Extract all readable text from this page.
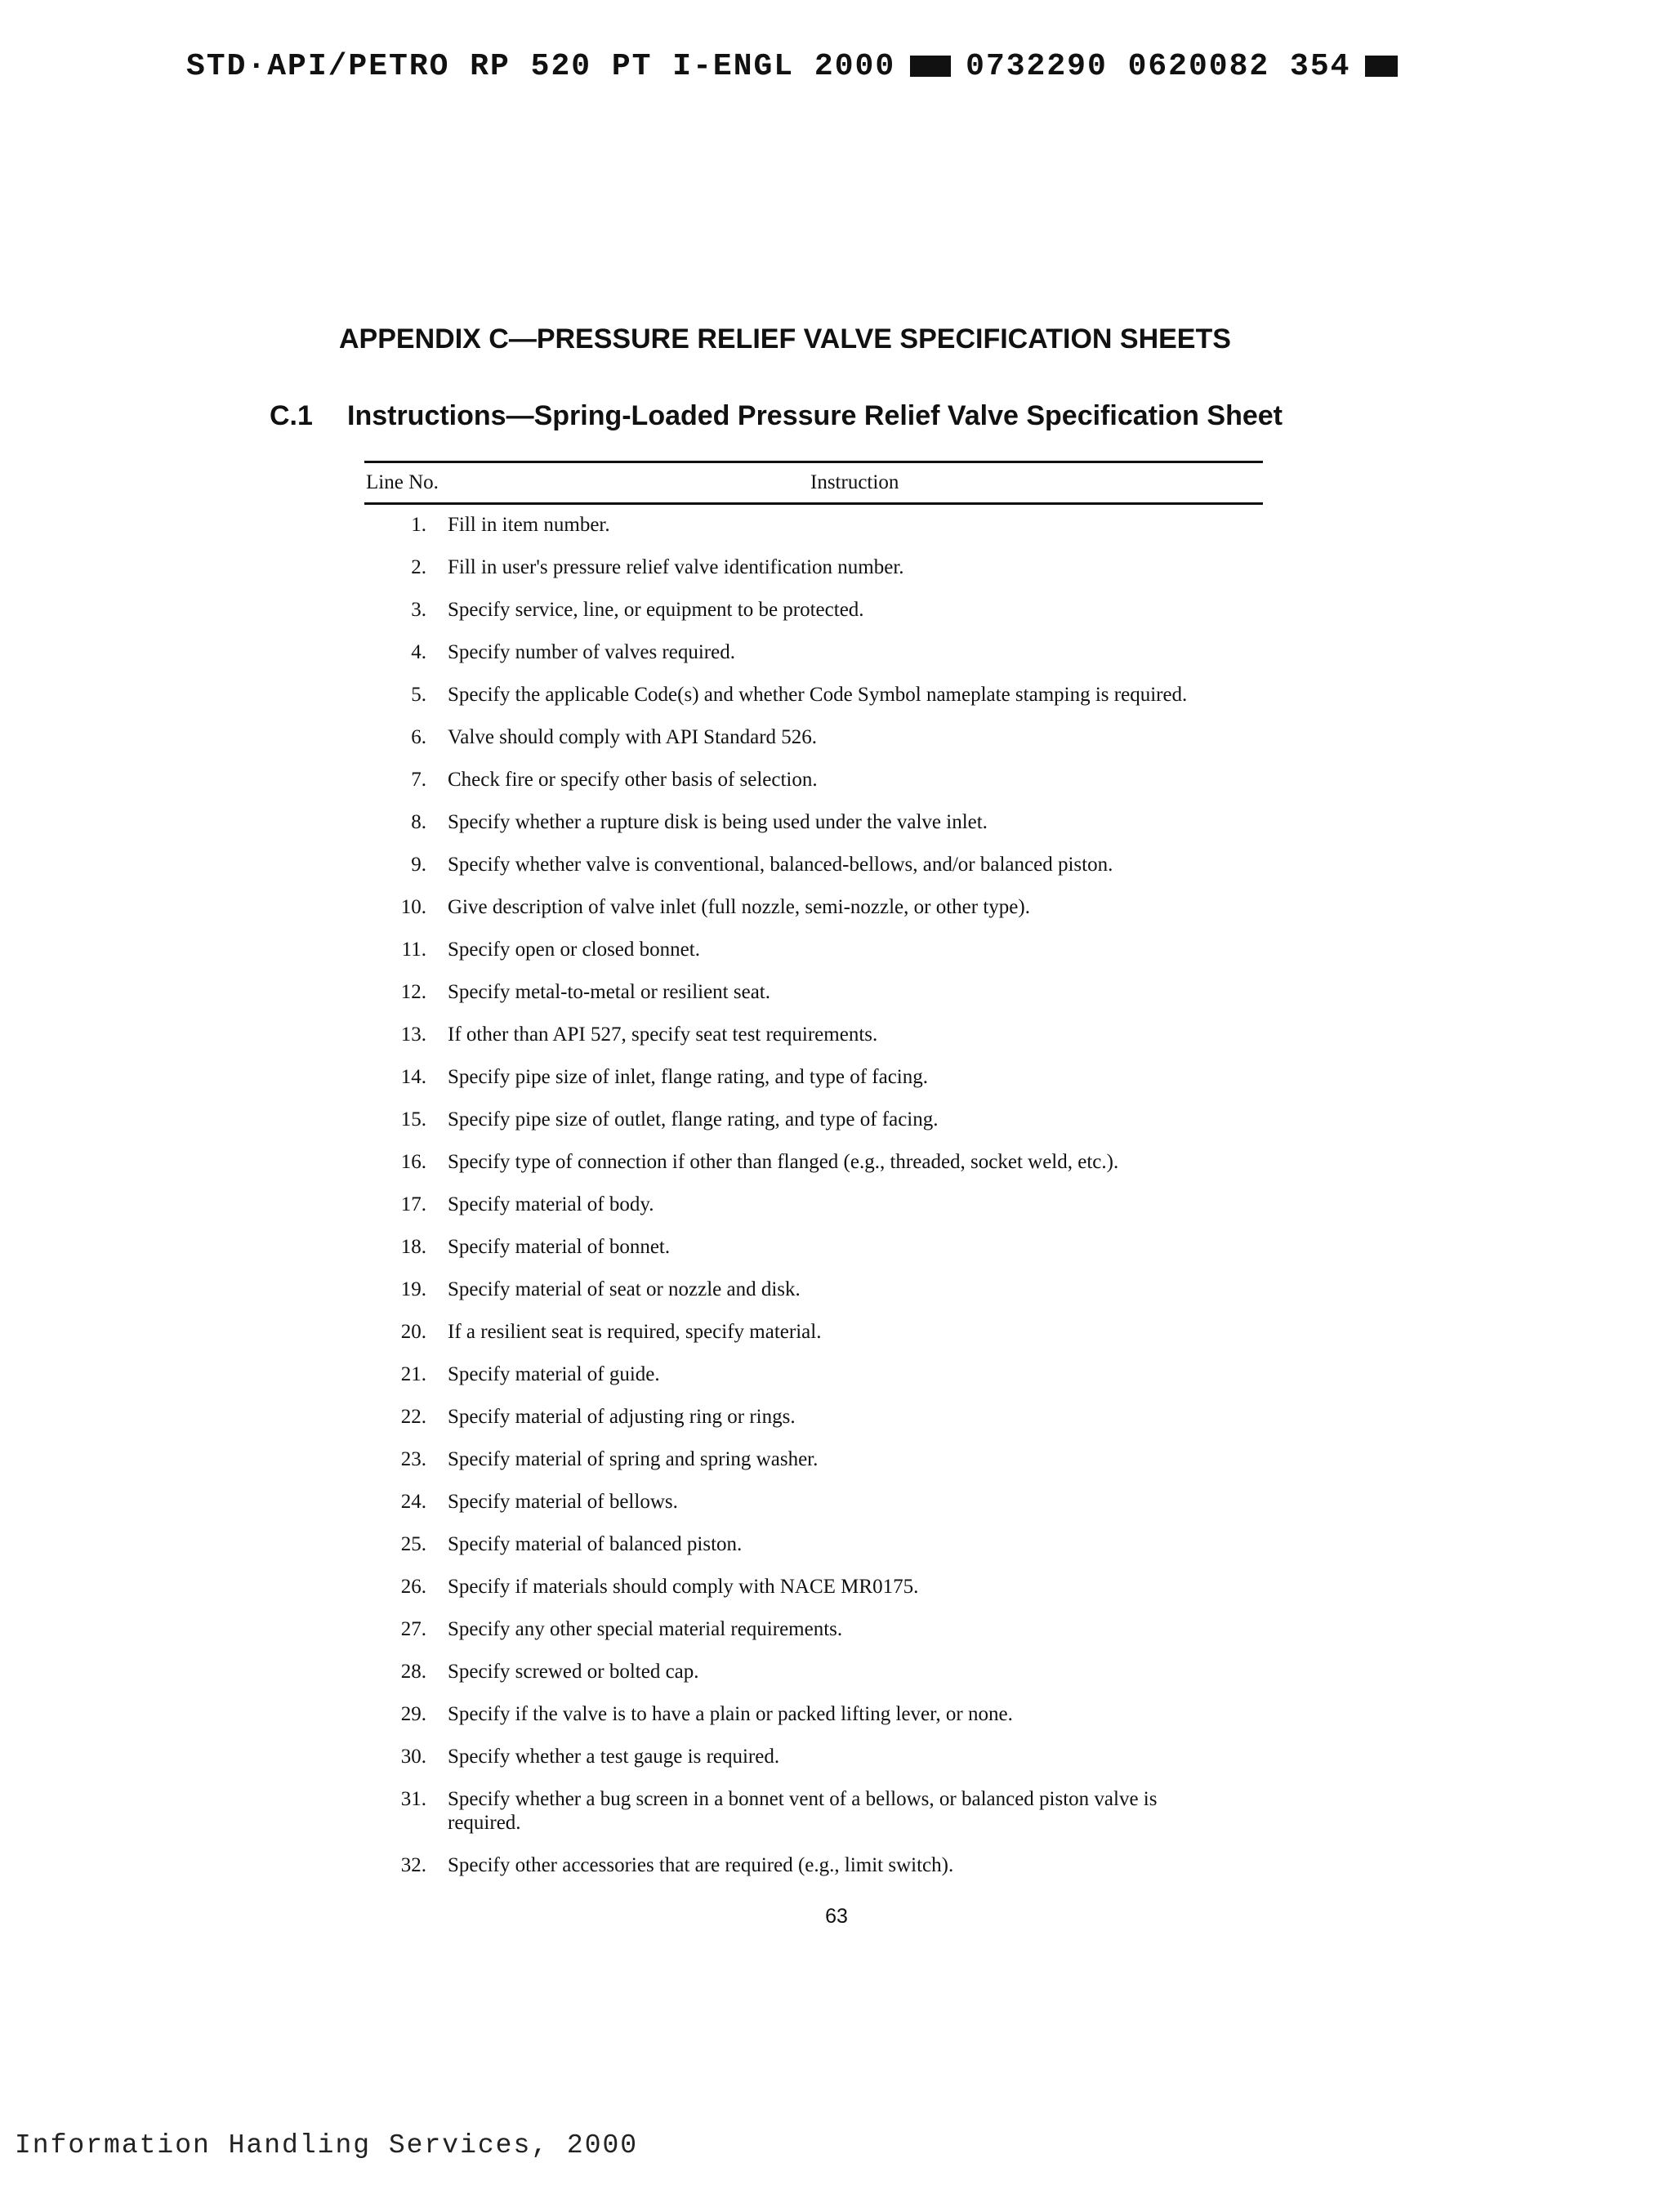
STD·API/PETRO RP 520 PT I-ENGL 2000 0732290 0620082 354
APPENDIX C—PRESSURE RELIEF VALVE SPECIFICATION SHEETS
C.1 Instructions—Spring-Loaded Pressure Relief Valve Specification Sheet
Line No.	Instruction
1. Fill in item number.
2. Fill in user's pressure relief valve identification number.
3. Specify service, line, or equipment to be protected.
4. Specify number of valves required.
5. Specify the applicable Code(s) and whether Code Symbol nameplate stamping is required.
6. Valve should comply with API Standard 526.
7. Check fire or specify other basis of selection.
8. Specify whether a rupture disk is being used under the valve inlet.
9. Specify whether valve is conventional, balanced-bellows, and/or balanced piston.
10. Give description of valve inlet (full nozzle, semi-nozzle, or other type).
11. Specify open or closed bonnet.
12. Specify metal-to-metal or resilient seat.
13. If other than API 527, specify seat test requirements.
14. Specify pipe size of inlet, flange rating, and type of facing.
15. Specify pipe size of outlet, flange rating, and type of facing.
16. Specify type of connection if other than flanged (e.g., threaded, socket weld, etc.).
17. Specify material of body.
18. Specify material of bonnet.
19. Specify material of seat or nozzle and disk.
20. If a resilient seat is required, specify material.
21. Specify material of guide.
22. Specify material of adjusting ring or rings.
23. Specify material of spring and spring washer.
24. Specify material of bellows.
25. Specify material of balanced piston.
26. Specify if materials should comply with NACE MR0175.
27. Specify any other special material requirements.
28. Specify screwed or bolted cap.
29. Specify if the valve is to have a plain or packed lifting lever, or none.
30. Specify whether a test gauge is required.
31. Specify whether a bug screen in a bonnet vent of a bellows, or balanced piston valve is required.
32. Specify other accessories that are required (e.g., limit switch).
63
Information Handling Services, 2000
